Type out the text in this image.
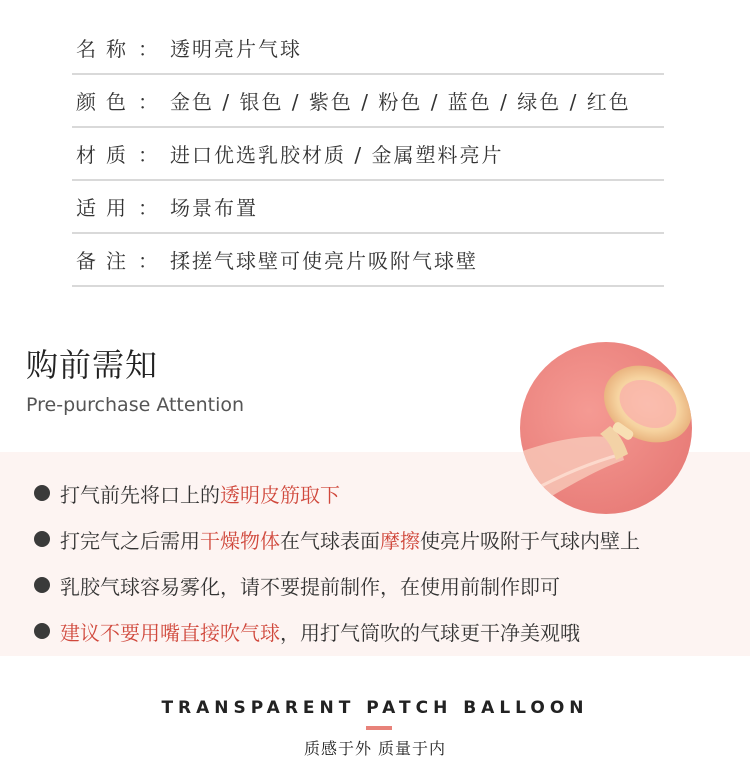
名 称 ： 透明亮片气球
颜 色 ： 金色 / 银色 / 紫色 / 粉色 / 蓝色 / 绿色 / 红色
材 质 ： 进口优选乳胶材质 / 金属塑料亮片
适 用 ： 场景布置
备 注 ： 揉搓气球壁可使亮片吸附气球壁
购前需知
Pre-purchase Attention
打气前先将口上的 透明皮筋取下
打完气之后需用 干燥物体 在气球表面 摩擦 使亮片吸附于气球内壁上
乳胶气球容易雾化，请不要提前制作，在使用前制作即可
建议不要用嘴直接吹气球 ，用打气筒吹的气球更干净美观哦
TRANSPARENT PATCH BALLOON
质感于外 质量于内
